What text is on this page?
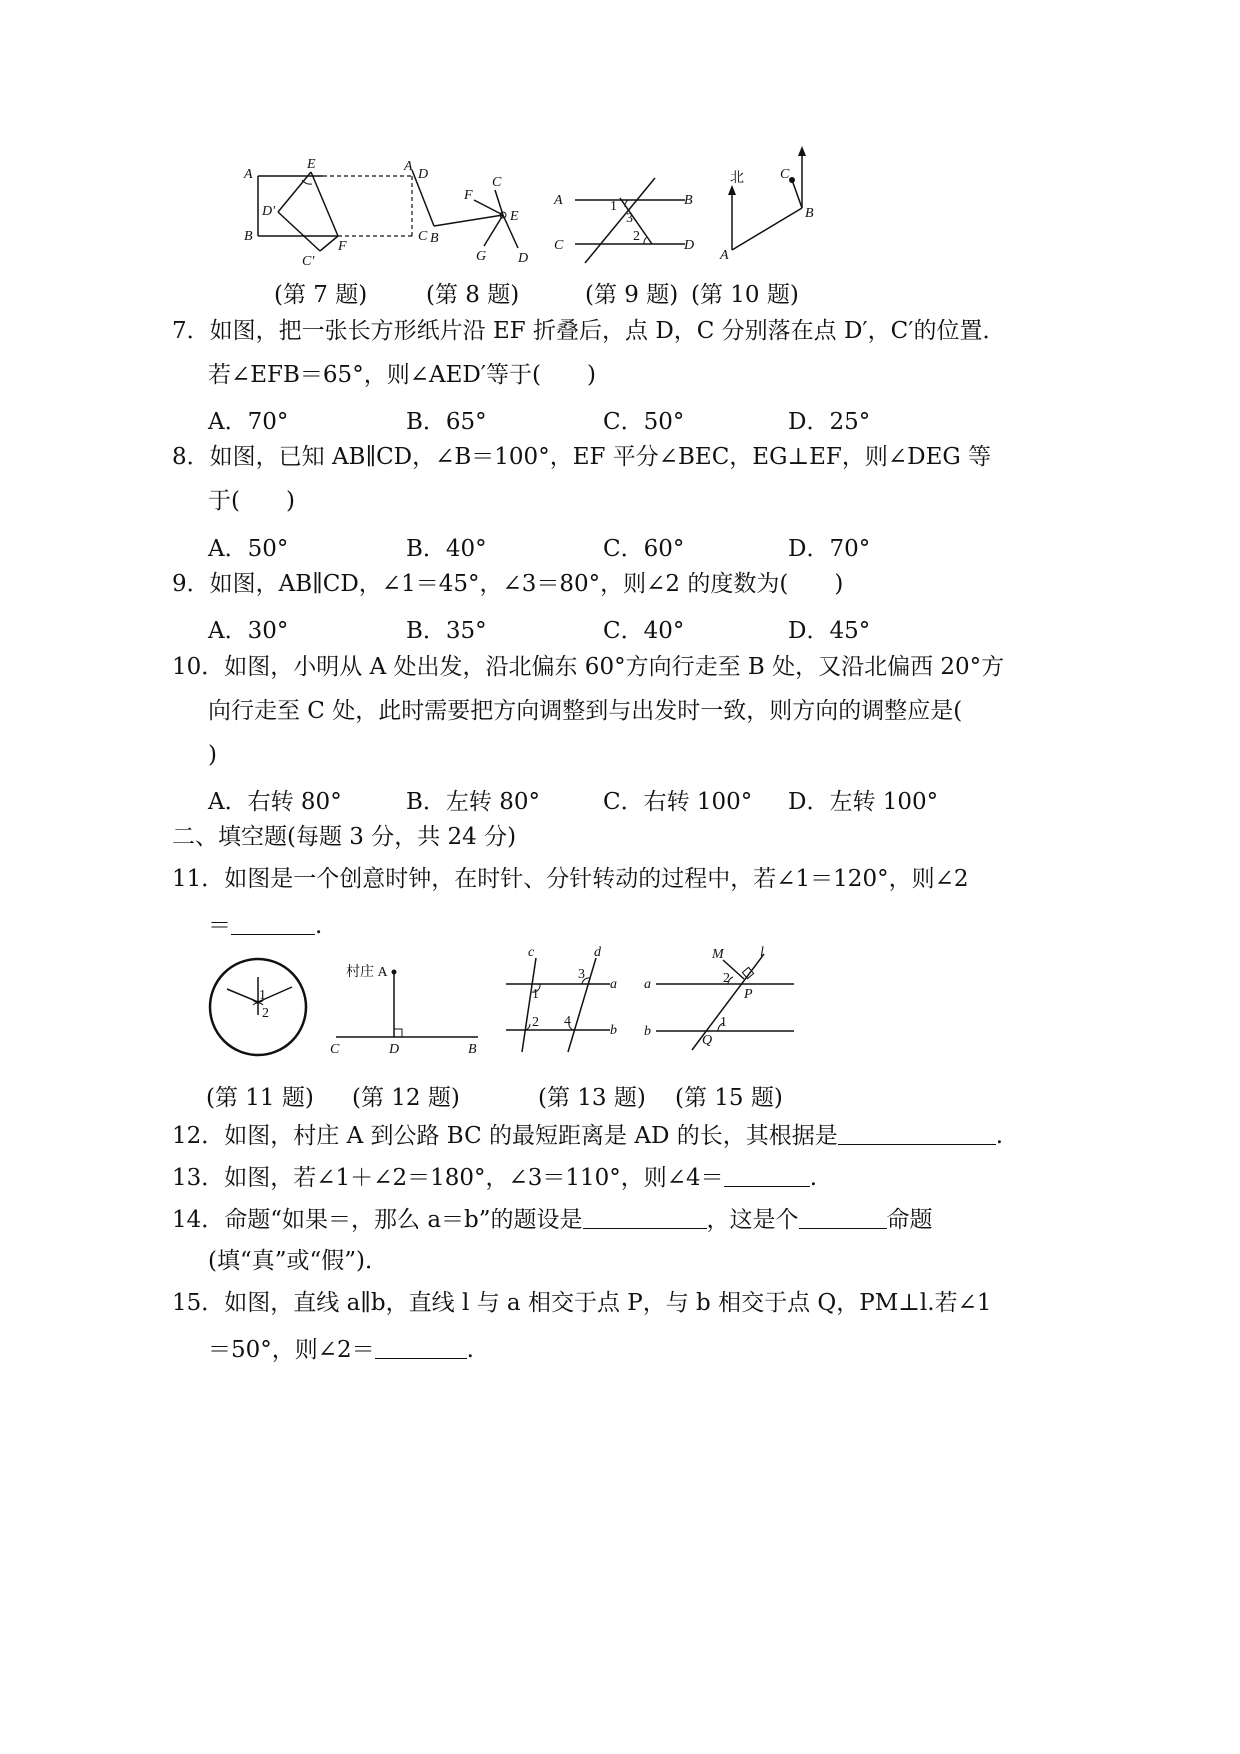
A
B	C
D
E
F
D′
C′
A
B
C
D
E
F
G
A	B
C	D
1
2
3
北
A
B
C
(第 7 题)	(第 8 题)	(第 9 题) (第 10 题)
7．如图，把一张长方形纸片沿 EF 折叠后，点 D，C 分别落在点 D′，C′的位置．
若∠EFB＝65°，则∠AED′等于(　　)
A．70°	B．65°	C．50°	D．25°
8．如图，已知 AB∥CD，∠B＝100°，EF 平分∠BEC，EG⊥EF，则∠DEG 等
于(　　)
A．50°	B．40°	C．60°	D．70°
9．如图，AB∥CD，∠1＝45°，∠3＝80°，则∠2 的度数为(　　)
A．30°	B．35°	C．40°	D．45°
10．如图，小明从 A 处出发，沿北偏东 60°方向行走至 B 处，又沿北偏西 20°方
向行走至 C 处，此时需要把方向调整到与出发时一致，则方向的调整应是(
)
A．右转 80°	B．左转 80°	C．右转 100° D．左转 100°
二、填空题(每题 3 分，共 24 分)
11．如图是一个创意时钟，在时针、分针转动的过程中，若∠1＝120°，则∠2
＝	.
1
2
村庄 A
C	D	B
c	d
a
b
1
2
3
4
M	l
a
b
P
Q
1
2
(第 11 题) (第 12 题)	(第 13 题) (第 15 题)
12．如图，村庄 A 到公路 BC 的最短距离是 AD 的长，其根据是	.
13．如图，若∠1＋∠2＝180°，∠3＝110°，则∠4＝	.
14．命题“如果＝，那么 a＝b”的题设是	，这是个	命题
(填“真”或“假”)．
15．如图，直线 a∥b，直线 l 与 a 相交于点 P，与 b 相交于点 Q，PM⊥l.若∠1
＝50°，则∠2＝	.
